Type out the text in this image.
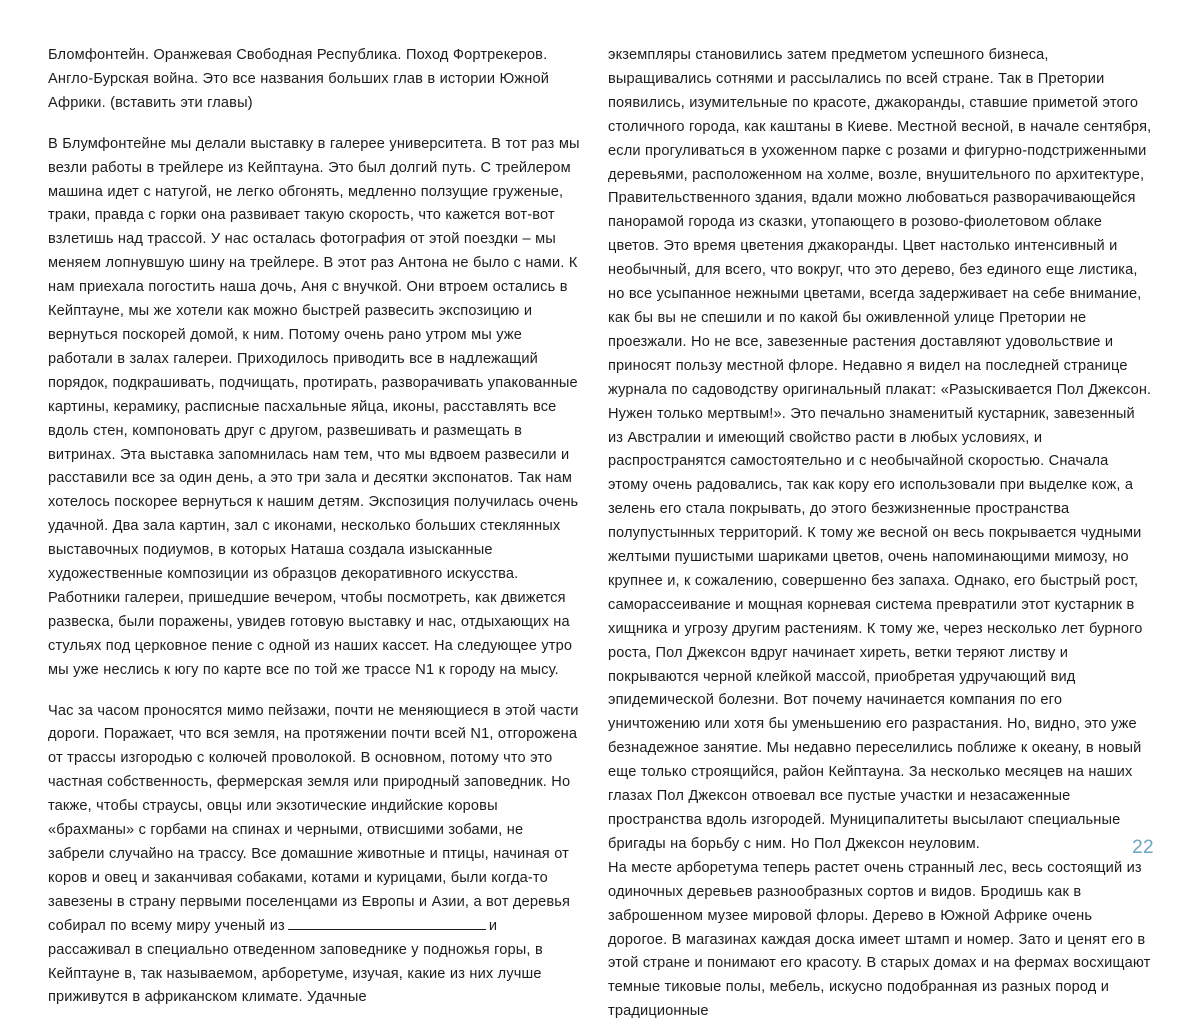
Бломфонтейн. Оранжевая Свободная Республика. Поход Фортрекеров. Англо-Бурская война. Это все названия больших глав в истории Южной Африки. (вставить эти главы)

В Блумфонтейне мы делали выставку в галерее университета. В тот раз мы везли работы в трейлере из Кейптауна. Это был долгий путь. С трейлером машина идет с натугой, не легко обгонять, медленно ползущие груженые, траки, правда с горки она развивает такую скорость, что кажется вот-вот взлетишь над трассой. У нас осталась фотография от этой поездки – мы меняем лопнувшую шину на трейлере. В этот раз Антона не было с нами. К нам приехала погостить наша дочь, Аня с внучкой. Они втроем остались в Кейптауне, мы же хотели как можно быстрей развесить экспозицию и вернуться поскорей домой, к ним. Потому очень рано утром мы уже работали в залах галереи. Приходилось приводить все в надлежащий порядок, подкрашивать, подчищать, протирать, разворачивать упакованные картины, керамику, расписные пасхальные яйца, иконы, расставлять все вдоль стен, компоновать друг с другом, развешивать и размещать в витринах. Эта выставка запомнилась нам тем, что мы вдвоем развесили и расставили все за один день, а это три зала и десятки экспонатов. Так нам хотелось поскорее вернуться к нашим детям. Экспозиция получилась очень удачной. Два зала картин, зал с иконами, несколько больших стеклянных выставочных подиумов, в которых Наташа создала изысканные художественные композиции из образцов декоративного искусства. Работники галереи, пришедшие вечером, чтобы посмотреть, как движется развеска, были поражены, увидев готовую выставку и нас, отдыхающих на стульях под церковное пение с одной из наших кассет. На следующее утро мы уже неслись к югу по карте все по той же трассе N1 к городу на мысу.

Час за часом проносятся мимо пейзажи, почти не меняющиеся в этой части дороги. Поражает, что вся земля, на протяжении почти всей N1, отгорожена от трассы изгородью с колючей проволокой. В основном, потому что это частная собственность, фермерская земля или природный заповедник. Но также, чтобы страусы, овцы или экзотические индийские коровы «брахманы» с горбами на спинах и черными, отвисшими зобами, не забрели случайно на трассу. Все домашние животные и птицы, начиная от коров и овец и заканчивая собаками, котами и курицами, были когда-то завезены в страну первыми поселенцами из Европы и Азии, а вот деревья собирал по всему миру ученый из	и рассаживал в специально отведенном заповеднике у подножья горы, в Кейптауне в, так называемом, арборетуме, изучая, какие из них лучше приживутся в африканском климате. Удачные

экземпляры становились затем предметом успешного бизнеса, выращивались сотнями и рассылались по всей стране. Так в Претории появились, изумительные по красоте, джакоранды, ставшие приметой этого столичного города, как каштаны в Киеве. Местной весной, в начале сентября, если прогуливаться в ухоженном парке с розами и фигурно-подстриженными деревьями, расположенном на холме, возле, внушительного по архитектуре, Правительственного здания, вдали можно любоваться разворачивающейся панорамой города из сказки, утопающего в розово-фиолетовом облаке цветов. Это время цветения джакоранды. Цвет настолько интенсивный и необычный, для всего, что вокруг, что это дерево, без единого еще листика, но все усыпанное нежными цветами, всегда задерживает на себе внимание, как бы вы не спешили и по какой бы оживленной улице Претории не проезжали. Но не все, завезенные растения доставляют удовольствие и приносят пользу местной флоре. Недавно я видел на последней странице журнала по садоводству оригинальный плакат: «Разыскивается Пол Джексон. Нужен только мертвым!». Это печально знаменитый кустарник, завезенный из Австралии и имеющий свойство расти в любых условиях, и распространятся самостоятельно и с необычайной скоростью. Сначала этому очень радовались, так как кору его использовали при выделке кож, а зелень его стала покрывать, до этого безжизненные пространства полупустынных территорий. К тому же весной он весь покрывается чудными желтыми пушистыми шариками цветов, очень напоминающими мимозу, но крупнее и, к сожалению, совершенно без запаха. Однако, его быстрый рост, саморассеивание и мощная корневая система превратили этот кустарник в хищника и угрозу другим растениям. К тому же, через несколько лет бурного роста, Пол Джексон вдруг начинает хиреть, ветки теряют листву и покрываются черной клейкой массой, приобретая удручающий вид эпидемической болезни. Вот почему начинается компания по его уничтожению или хотя бы уменьшению его разрастания. Но, видно, это уже безнадежное занятие. Мы недавно переселились поближе к океану, в новый еще только строящийся, район Кейптауна. За несколько месяцев на наших глазах Пол Джексон отвоевал все пустые участки и незасаженные пространства вдоль изгородей. Муниципалитеты высылают специальные бригады на борьбу с ним. Но Пол Джексон неуловим.

На месте арборетума теперь растет очень странный лес, весь состоящий из одиночных деревьев разнообразных сортов и видов. Бродишь как в заброшенном музее мировой флоры. Дерево в Южной Африке очень дорогое. В магазинах каждая доска имеет штамп и номер. Зато и ценят его в этой стране и понимают его красоту. В старых домах и на фермах восхищают темные тиковые полы, мебель, искусно подобранная из разных пород и традиционные

22
